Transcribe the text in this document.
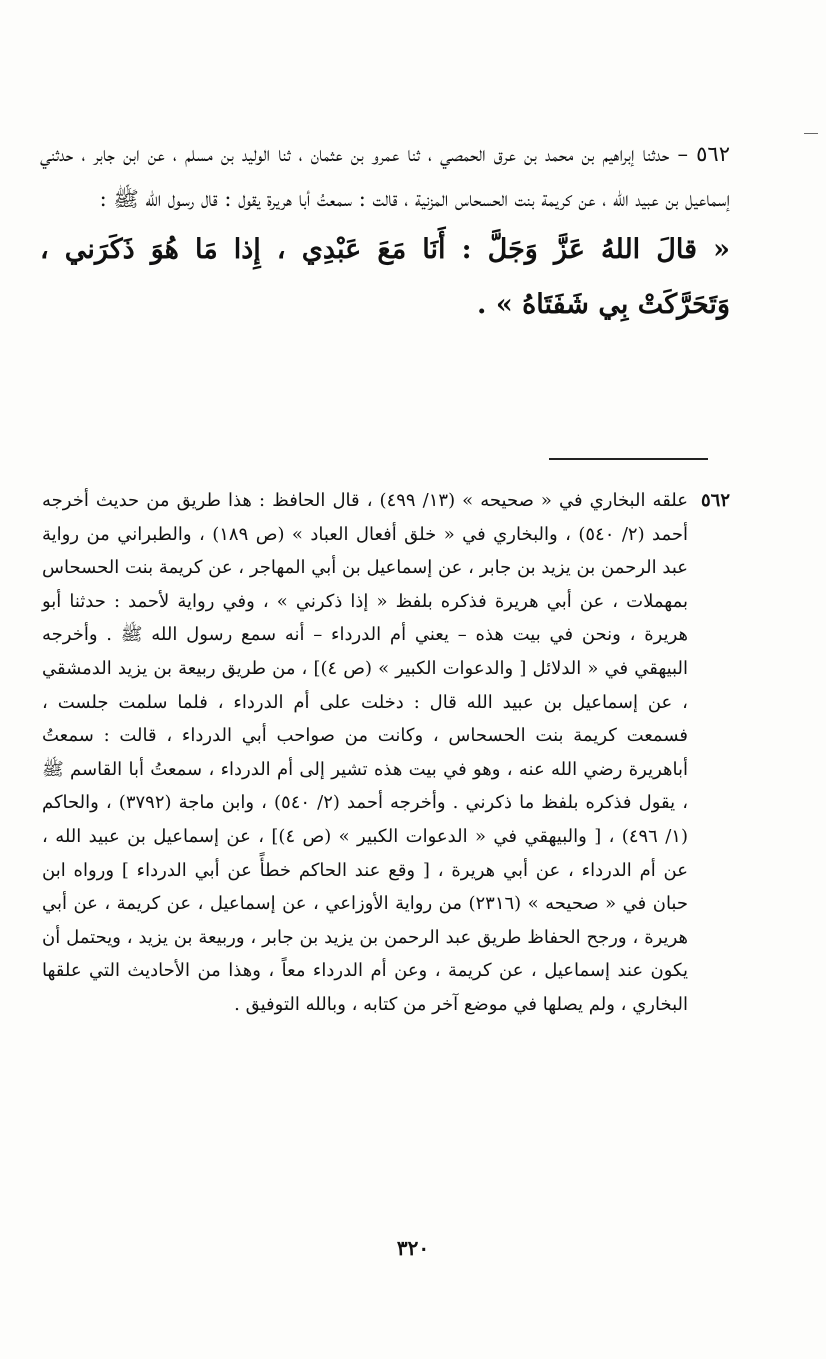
٥٦٢ – حدثنا إبراهيم بن محمد بن عرق الحمصي ، ثنا عمرو بن عثمان ، ثنا الوليد بن مسلم ، عن ابن جابر ، حدثني إسماعيل بن عبيد الله ، عن كريمة بنت الحسحاس المزنية ، قالت : سمعتُ أبا هريرة يقول : قال رسول الله ﷺ :

« قالَ اللهُ عَزَّ وَجَلَّ : أَنَا مَعَ عَبْدِي ، إِذا مَا هُوَ ذَكَرَني ، وَتَحَرَّكَتْ بِي شَفَتَاهُ » .

٥٦٢

علقه البخاري في « صحيحه » (١٣/ ٤٩٩) ، قال الحافظ : هذا طريق من حديث أخرجه أحمد (٢/ ٥٤٠) ، والبخاري في « خلق أفعال العباد » (ص ١٨٩) ، والطبراني من رواية عبد الرحمن بن يزيد بن جابر ، عن إسماعيل بن أبي المهاجر ، عن كريمة بنت الحسحاس بمهملات ، عن أبي هريرة فذكره بلفظ « إذا ذكرني » ، وفي رواية لأحمد : حدثنا أبو هريرة ، ونحن في بيت هذه – يعني أم الدرداء – أنه سمع رسول الله ﷺ . وأخرجه البيهقي في « الدلائل [ والدعوات الكبير » (ص ٤)] ، من طريق ربيعة بن يزيد الدمشقي ، عن إسماعيل بن عبيد الله قال : دخلت على أم الدرداء ، فلما سلمت جلست ، فسمعت كريمة بنت الحسحاس ، وكانت من صواحب أبي الدرداء ، قالت : سمعتُ أباهريرة رضي الله عنه ، وهو في بيت هذه تشير إلى أم الدرداء ، سمعتُ أبا القاسم ﷺ ، يقول فذكره بلفظ ما ذكرني . وأخرجه أحمد (٢/ ٥٤٠) ، وابن ماجة (٣٧٩٢) ، والحاكم (١/ ٤٩٦) ، [ والبيهقي في « الدعوات الكبير » (ص ٤)] ، عن إسماعيل بن عبيد الله ، عن أم الدرداء ، عن أبي هريرة ، [ وقع عند الحاكم خطأً عن أبي الدرداء ] ورواه ابن حبان في « صحيحه » (٢٣١٦) من رواية الأوزاعي ، عن إسماعيل ، عن كريمة ، عن أبي هريرة ، ورجح الحفاظ طريق عبد الرحمن بن يزيد بن جابر ، وربيعة بن يزيد ، ويحتمل أن يكون عند إسماعيل ، عن كريمة ، وعن أم الدرداء معاً ، وهذا من الأحاديث التي علقها البخاري ، ولم يصلها في موضع آخر من كتابه ، وبالله التوفيق .

٣٢٠
